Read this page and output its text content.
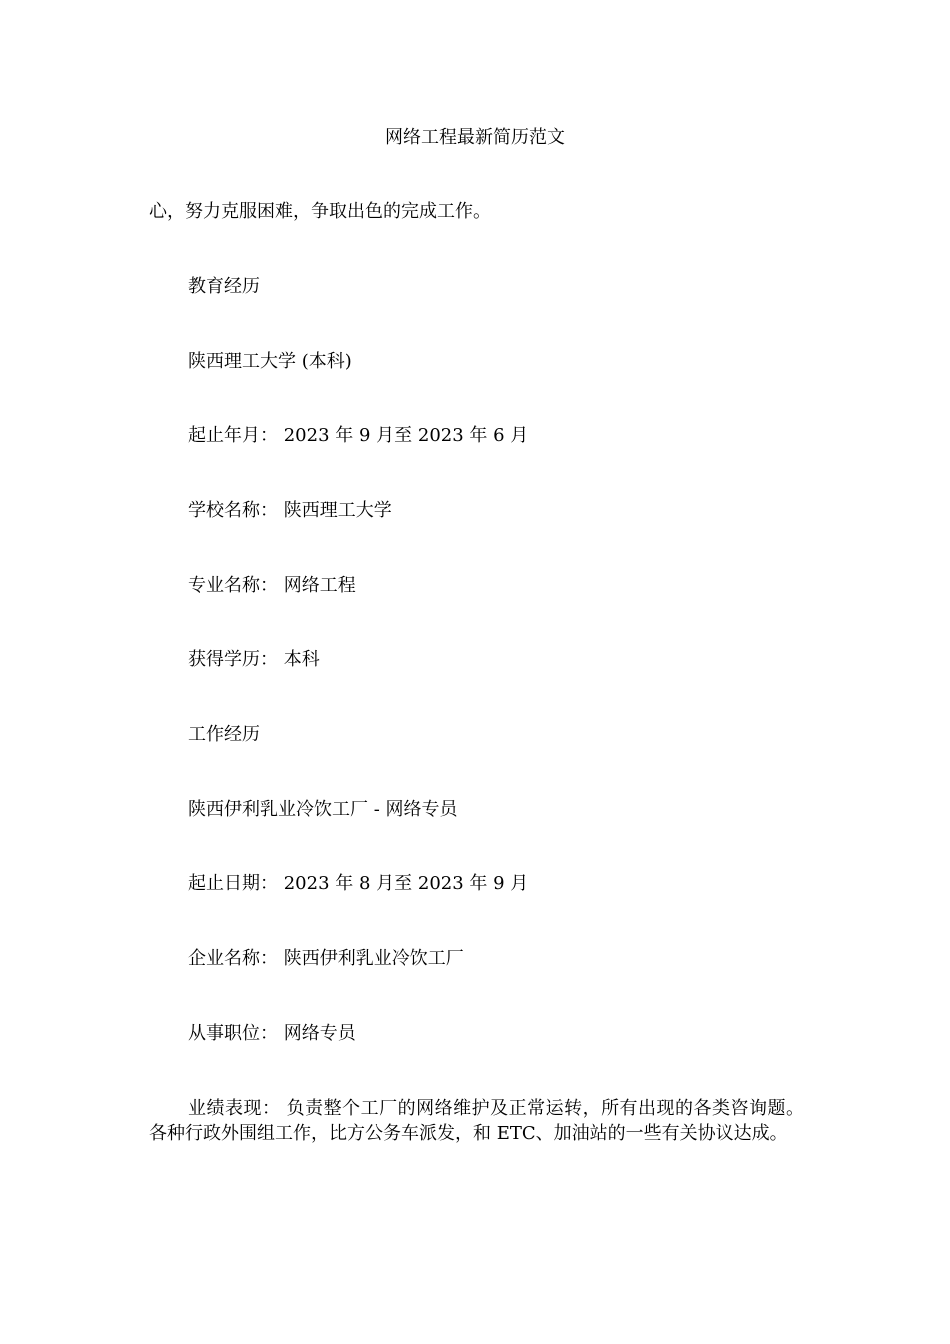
网络工程最新简历范文
心，努力克服困难，争取出色的完成工作。
教育经历
陕西理工大学 (本科)
起止年月： 2023 年 9 月至 2023 年 6 月
学校名称： 陕西理工大学
专业名称： 网络工程
获得学历： 本科
工作经历
陕西伊利乳业冷饮工厂 - 网络专员
起止日期： 2023 年 8 月至 2023 年 9 月
企业名称： 陕西伊利乳业冷饮工厂
从事职位： 网络专员
业绩表现： 负责整个工厂的网络维护及正常运转，所有出现的各类咨询题。各种行政外围组工作，比方公务车派发，和 ETC、加油站的一些有关协议达成。
